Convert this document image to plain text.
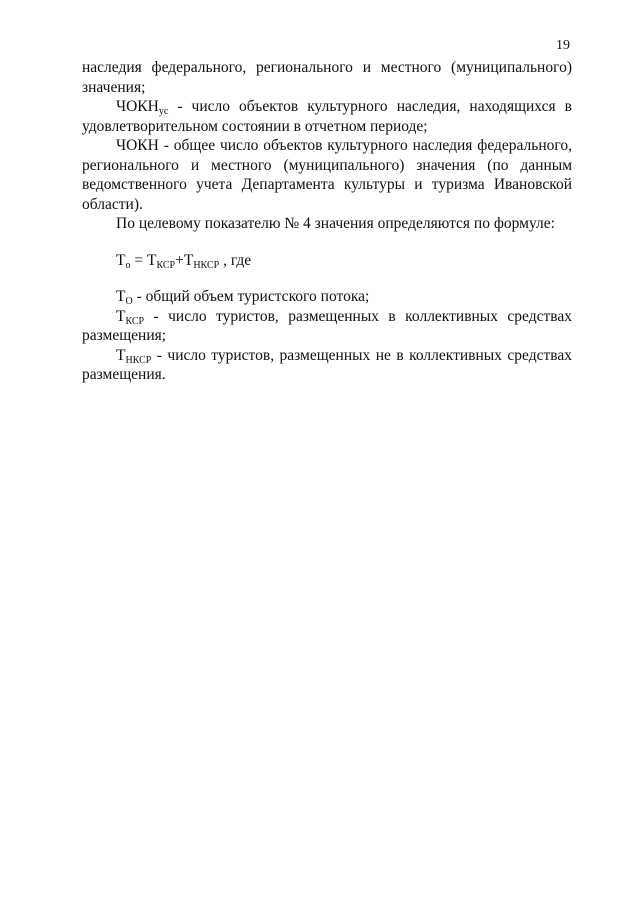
19

наследия федерального, регионального и местного (муниципального) значения;

$ЧОКН_{ус}$ - число объектов культурного наследия, находящихся в удовлетворительном состоянии в отчетном периоде;

ЧОКН - общее число объектов культурного наследия федерального, регионального и местного (муниципального) значения (по данным ведомственного учета Департамента культуры и туризма Ивановской области).

По целевому показателю № 4 значения определяются по формуле:

$Т_о = Т_{КСР}+Т_{НКСР}$ , где

$Т_О$ - общий объем туристского потока;

$Т_{КСР}$ - число туристов, размещенных в коллективных средствах размещения;

$Т_{НКСР}$ - число туристов, размещенных не в коллективных средствах размещения.
